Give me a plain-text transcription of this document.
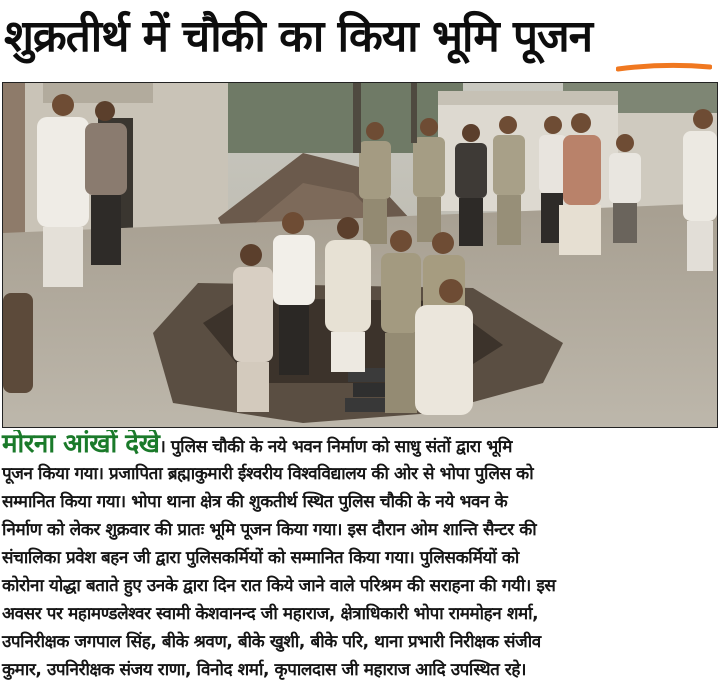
शुक्रतीर्थ में चौकी का किया भूमि पूजन
मोरना आंखों देखे। पुलिस चौकी के नये भवन निर्माण को साधु संतों द्वारा भूमि
पूजन किया गया। प्रजापिता ब्रह्माकुमारी ईश्वरीय विश्वविद्यालय की ओर से भोपा पुलिस को
सम्मानित किया गया। भोपा थाना क्षेत्र की शुकतीर्थ स्थित पुलिस चौकी के नये भवन के
निर्माण को लेकर शुक्रवार की प्रातः भूमि पूजन किया गया। इस दौरान ओम शान्ति सैन्टर की
संचालिका प्रवेश बहन जी द्वारा पुलिसकर्मियों को सम्मानित किया गया। पुलिसकर्मियों को
कोरोना योद्धा बताते हुए उनके द्वारा दिन रात किये जाने वाले परिश्रम की सराहना की गयी। इस
अवसर पर महामण्डलेश्वर स्वामी केशवानन्द जी महाराज, क्षेत्राधिकारी भोपा राममोहन शर्मा,
उपनिरीक्षक जगपाल सिंह, बीके श्रवण, बीके खुशी, बीके परि, थाना प्रभारी निरीक्षक संजीव
कुमार, उपनिरीक्षक संजय राणा, विनोद शर्मा, कृपालदास जी महाराज आदि उपस्थित रहे।
